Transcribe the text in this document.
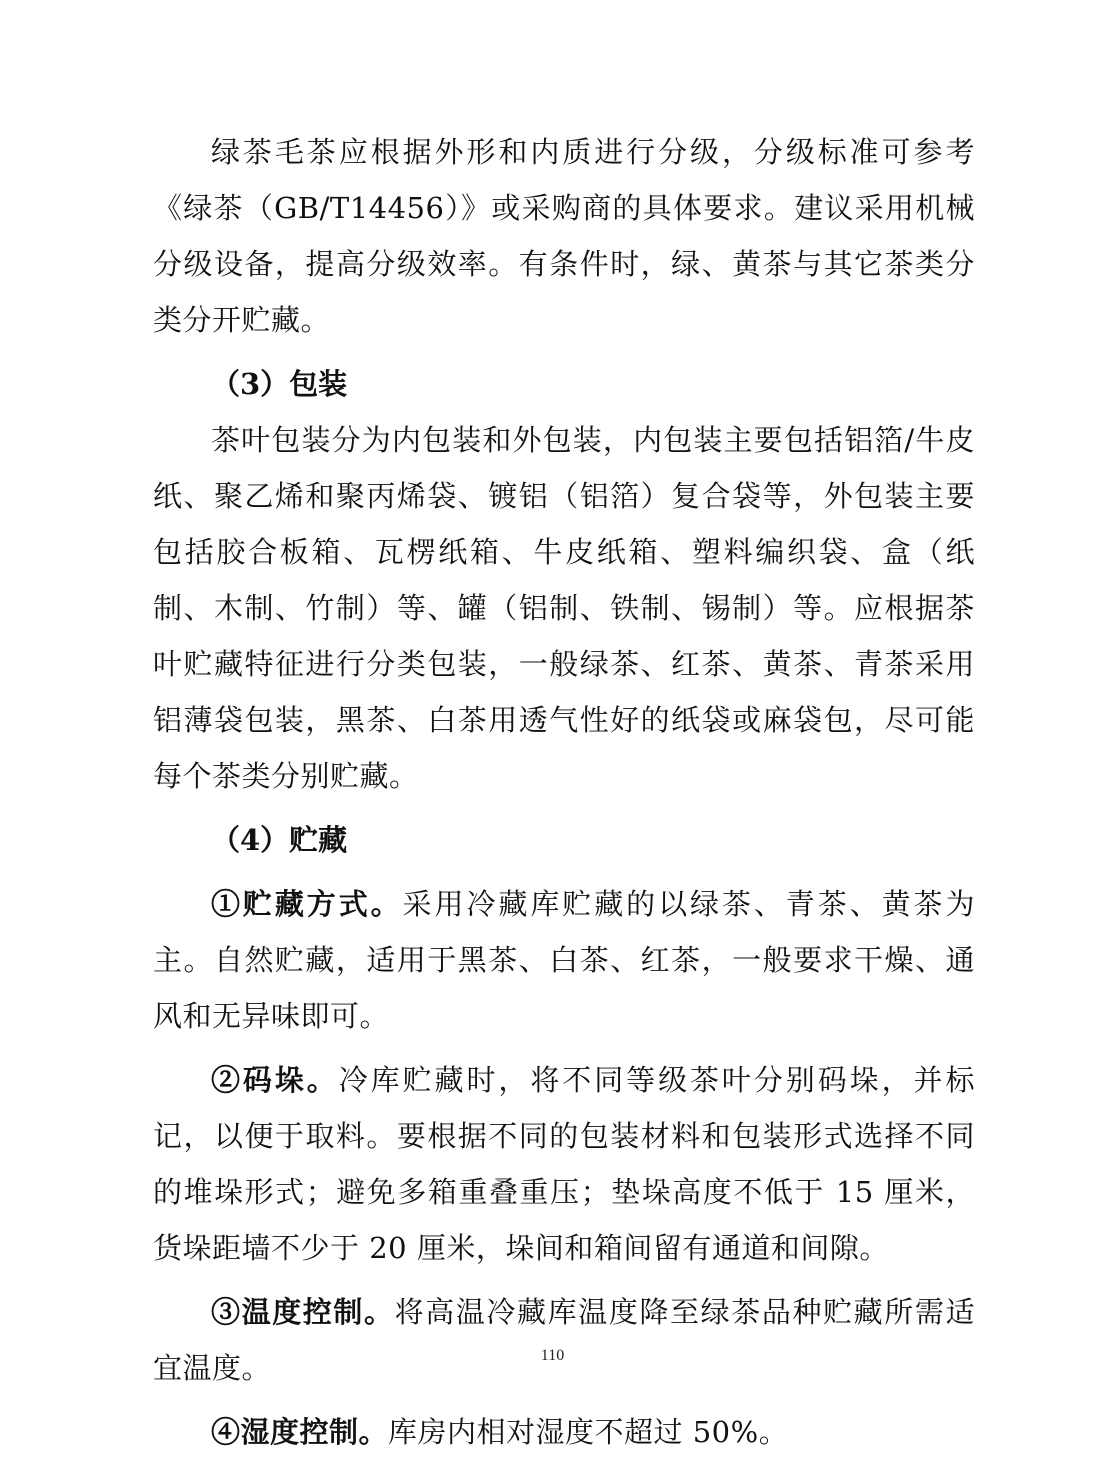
绿茶毛茶应根据外形和内质进行分级，分级标准可参考《绿茶（GB/T14456）》或采购商的具体要求。建议采用机械分级设备，提高分级效率。有条件时，绿、黄茶与其它茶类分类分开贮藏。

（3）包装

茶叶包装分为内包装和外包装，内包装主要包括铝箔/牛皮纸、聚乙烯和聚丙烯袋、镀铝（铝箔）复合袋等，外包装主要包括胶合板箱、瓦楞纸箱、牛皮纸箱、塑料编织袋、盒（纸制、木制、竹制）等、罐（铝制、铁制、锡制）等。应根据茶叶贮藏特征进行分类包装，一般绿茶、红茶、黄茶、青茶采用铝薄袋包装，黑茶、白茶用透气性好的纸袋或麻袋包，尽可能每个茶类分别贮藏。

（4）贮藏

①贮藏方式。采用冷藏库贮藏的以绿茶、青茶、黄茶为主。自然贮藏，适用于黑茶、白茶、红茶，一般要求干燥、通风和无异味即可。

②码垛。冷库贮藏时，将不同等级茶叶分别码垛，并标记，以便于取料。要根据不同的包装材料和包装形式选择不同的堆垛形式；避免多箱重叠重压；垫垛高度不低于 15 厘米，货垛距墙不少于 20 厘米，垛间和箱间留有通道和间隙。

③温度控制。将高温冷藏库温度降至绿茶品种贮藏所需适宜温度。

④湿度控制。库房内相对湿度不超过 50%。

110
